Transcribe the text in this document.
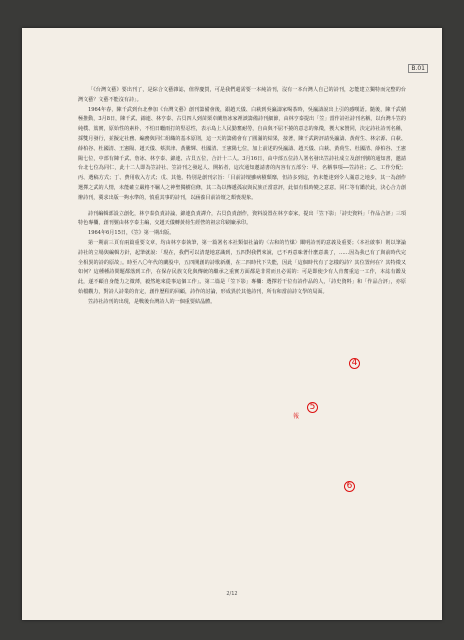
B.01

「《台灣文藝》要出刊了，是綜合文藝雜誌，值得慶賀，可是我們還需要一本純詩刊，沒有一本台灣人自己的詩刊，怎能建立獨特而完整的台灣文藝？文藝不能沒有詩」。

1964年春，陳千武到台北參加《台灣文藝》創刊籌備會後，跟趙天儀、白萩到吳瀛濤家喝茶時，吳瀛濤說出上引的感嘆語。隨後，陳千武積極推動，3月8日，陳千武、錦連、林亨泰、古貝四人到苗栗卓蘭詹冰家裡談籌備詩刊細節，由林亨泰提出「笠」當作詩社詩刊名稱，以台灣斗笠的純樸、篤實，原始性的素朴，不怕日曬雨打的堅忍性，表示島上人民勤奮耐勞，自由與不屈不撓的意志的象徵，獲大家贊同，決定詩社詩刊名稱，採雙月發行，並擬定社務、編務與同仁組織的基本原則，這一天的籌備會有了圓滿的結果，接著，陳千武跨評請吳瀛濤、黃荷生、林宗源、白萩、薛柏谷、杜國清、王憲陽、趙天儀、蔡淇津、黃騰輝、杜國清、王憲陽七位，加上前述的吳瀛濤、趙天儀、白萩、黃荷生、杜國清、薛柏谷、王憲陽七位，中部有陳千武、詹冰、林亨泰、錦連、古貝五位，合計十二人。3月16日，由中部五位詩人署名發出笠詩社成立及創刊號的通知書，邀請台北七位為同仁，此十二人即為笠詩社、笠詩刊之發起人、開拓者，這次通知邀請書的內容有五部分：甲、名稱事項──笠詩社；乙、工作分配；丙、選稿方式；丁、費用收入方式；戊、其他。特別是創刊宗旨：「目前詩壇雖病積頹靡，但詩多到這，仍未能達到令人滿意之地步，其一為創作選擇之武的人情，未能確立嚴格不羈人之神聖獨樹信條，其二為以傳遞孤寂與民族正當意評，此似有俱時變之意意。同仁等有鑑於此，決心合力創辦詩刊，冀求出版一夠水準的，慎重其事的詩刊，以涵養目前詩壇之頹喪現象。

詩刊編輯部設立創化，林亨泰負責詩論，錦連負責譯介，古貝負責創作，資料設置在林亨泰家，提出「笠下影」「詩史資料」「作品合評」三項特色專欄，創刊號由林亨泰主編，交趙天儀轉黃荷生經營的祖宗印刷廠承印。

1964年6月15日，《笠》第一期出版。

第一期前三頁有兩篇重要文章，均由林亨泰執筆，第一篇署名本社類似社論的〈古和的竹煤〉闡明詩刊的意義及重要；（本社啟事）則以筆論詩社的立場與編輯方針，起筆就說：「現在，我們可以清楚地意識到，五四對我們來說，已不再意味著什麼意義了，……因為我已有了與前時代完全相異的詩的原故」。時至八〇年代的蘭股中，五四開創的詩歌新潮，在二四時代下失能，因此「這個時代有了怎樣的詩？其位置何在？其特徵又如何？這種種詩問題都落到工作，在保存民族文化與傳統的繼承之重實方面都是非常而且必需的：可是即使少有人肯奮重這一工作，本誌有鑑及此，遂不顧自身能力之微薄，毅然地來從事這個工作」。第二篇是「笠下影」專欄：選擇若干位有詩作品的人，「詩史資料」和「作品合評」，亦原始檔觀力，對詩人詩業的肯定，創作歷程的回顧，詩作的討論，形成異於其他詩刊，所有和當前詩文學的局面。

笠詩社詩刊的出現，是戰後台灣詩人的一個重要結晶體。

4
5
報
6
2/12
